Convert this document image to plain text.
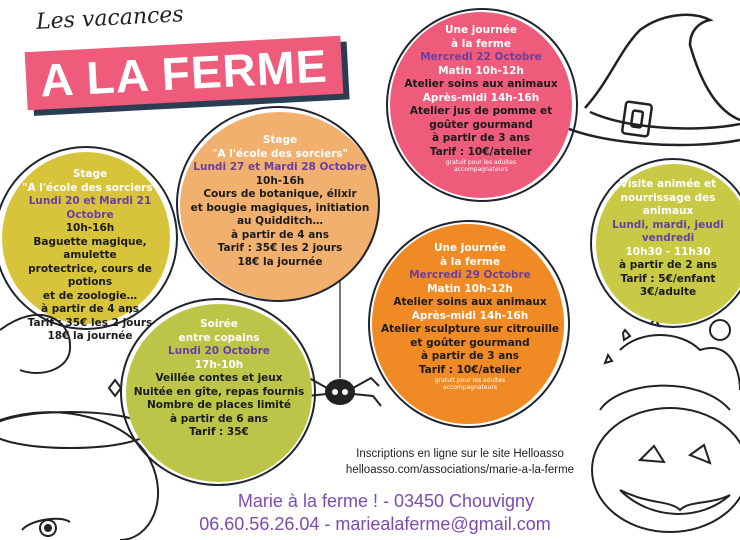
Les vacances
A LA FERME
Stage
"A l'école des sorciers"
Lundi 20 et Mardi 21 Octobre
10h-16h
Baguette magique, amulette
protectrice, cours de potions
et de zoologie…
à partir de 4 ans
Tarif : 35€ les 2 jours
18€ la journée
Stage
"A l'école des sorciers"
Lundi 27 et Mardi 28 Octobre
10h-16h
Cours de botanique, élixir
et bougie magiques, initiation
au Quidditch…
à partir de 4 ans
Tarif : 35€ les 2 jours
18€ la journée
Une journée
à la ferme
Mercredi 22 Octobre
Matin 10h-12h
Atelier soins aux animaux
Après-midi 14h-16h
Atelier jus de pomme et
goûter gourmand
à partir de 3 ans
Tarif : 10€/atelier
gratuit pour les adultes
accompagnateurs
Visite animée et
nourrissage des
animaux
Lundi, mardi, jeudi
vendredi
10h30 - 11h30
à partir de 2 ans
Tarif : 5€/enfant
3€/adulte
Une journée
à la ferme
Mercredi 29 Octobre
Matin 10h-12h
Atelier soins aux animaux
Après-midi 14h-16h
Atelier sculpture sur citrouille
et goûter gourmand
à partir de 3 ans
Tarif : 10€/atelier
gratuit pour les adultes
accompagnateurs
Soirée
entre copains
Lundi 20 Octobre
17h-10h
Veillée contes et jeux
Nuitée en gîte, repas fournis
Nombre de places limité
à partir de 6 ans
Tarif : 35€
Inscriptions en ligne sur le site Helloasso
helloasso.com/associations/marie-a-la-ferme
Marie à la ferme ! - 03450 Chouvigny
06.60.56.26.04 - mariealaferme@gmail.com
